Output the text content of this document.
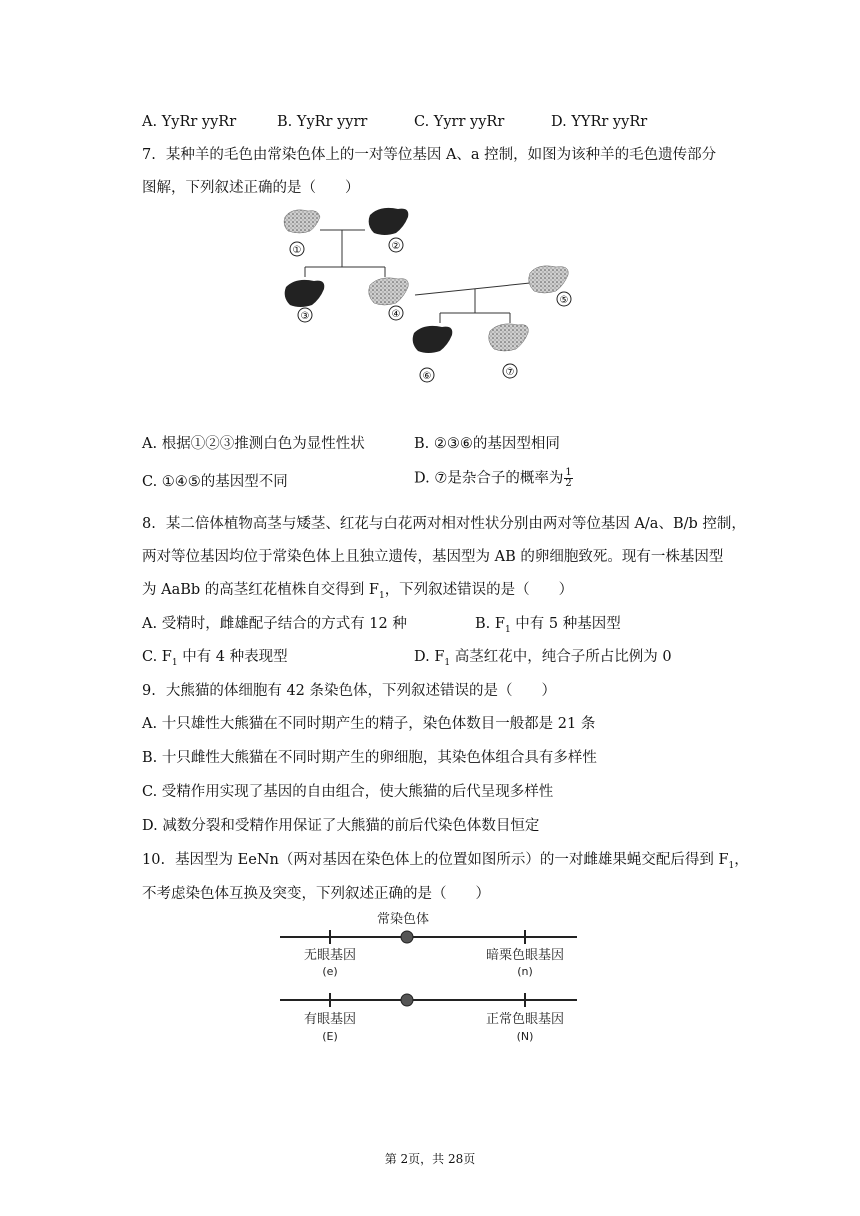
A. YyRr yyRr	B. YyRr yyrr	C. Yyrr yyRr	D. YYRr yyRr
7. 某种羊的毛色由常染色体上的一对等位基因 A、a 控制，如图为该种羊的毛色遗传部分
图解，下列叙述正确的是（　　）
①	②
③	④
⑤
⑥	⑦
A. 根据①②③推测白色为显性性状	B. ②③⑥的基因型相同
C. ①④⑤的基因型不同	D. ⑦是杂合子的概率为 $\frac{1}{2}$
8. 某二倍体植物高茎与矮茎、红花与白花两对相对性状分别由两对等位基因 A/a、B/b 控制，
两对等位基因均位于常染色体上且独立遗传，基因型为 AB 的卵细胞致死。现有一株基因型
为 AaBb 的高茎红花植株自交得到 $F_1$，下列叙述错误的是（　　）
A. 受精时，雌雄配子结合的方式有 12 种	B. $F_1$ 中有 5 种基因型
C. $F_1$ 中有 4 种表现型	D. $F_1$ 高茎红花中，纯合子所占比例为 0
9. 大熊猫的体细胞有 42 条染色体，下列叙述错误的是（　　）
A. 十只雄性大熊猫在不同时期产生的精子，染色体数目一般都是 21 条
B. 十只雌性大熊猫在不同时期产生的卵细胞，其染色体组合具有多样性
C. 受精作用实现了基因的自由组合，使大熊猫的后代呈现多样性
D. 减数分裂和受精作用保证了大熊猫的前后代染色体数目恒定
10. 基因型为 EeNn（两对基因在染色体上的位置如图所示）的一对雌雄果蝇交配后得到 $F_1$，
不考虑染色体互换及突变，下列叙述正确的是（　　）
常染色体
无眼基因
(e)
暗栗色眼基因
(n)
有眼基因
(E)
正常色眼基因
(N)
第 2页，共 28页
